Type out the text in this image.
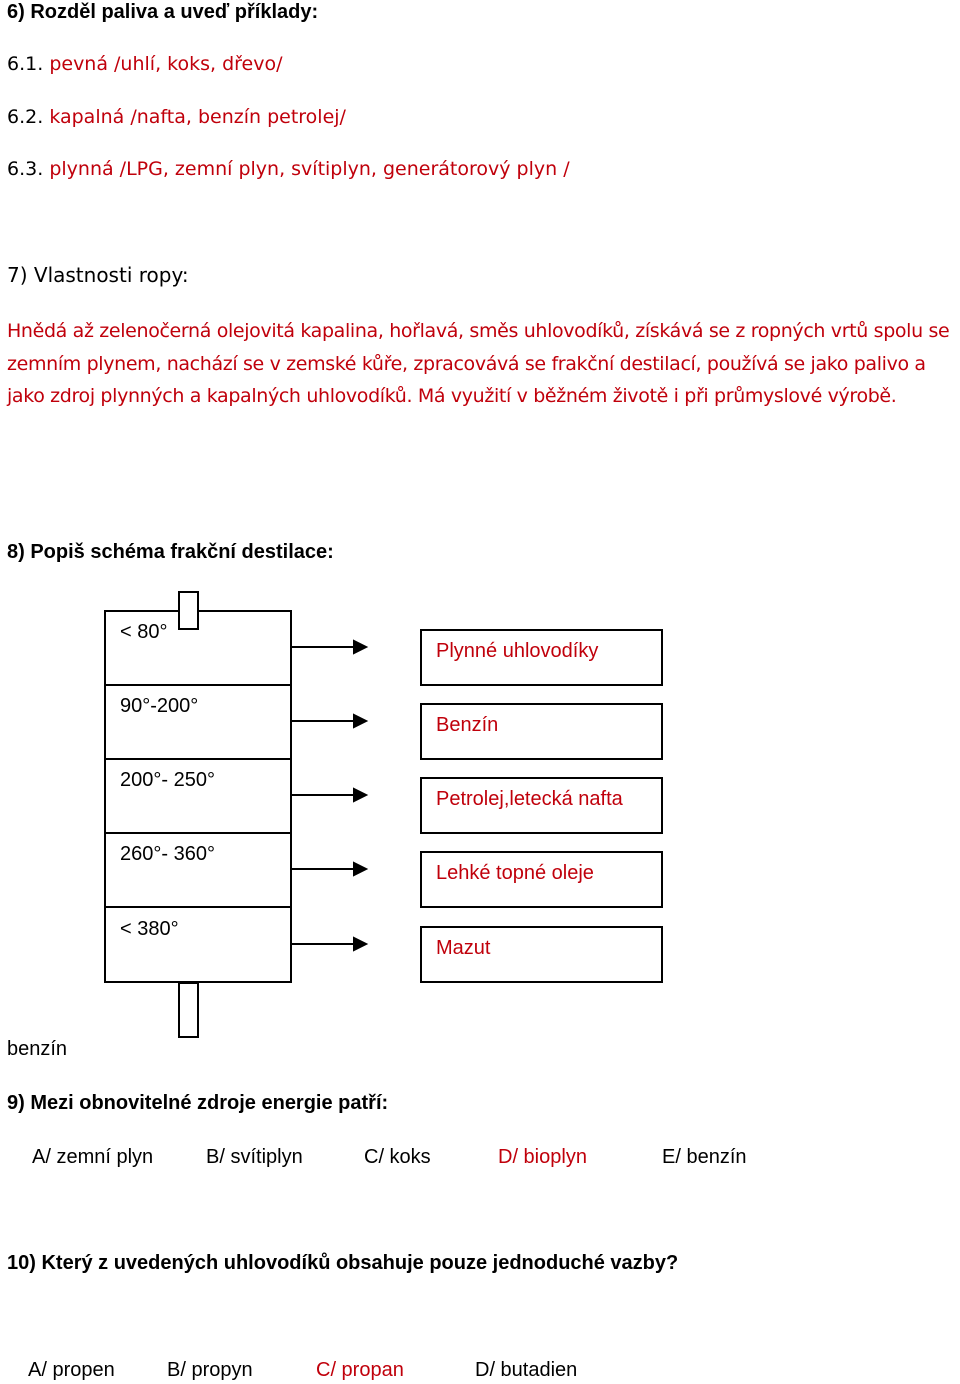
6) Rozděl paliva a uveď příklady:
6.1. pevná /uhlí, koks, dřevo/
6.2. kapalná /nafta, benzín petrolej/
6.3. plynná /LPG, zemní plyn, svítiplyn, generátorový plyn /
7) Vlastnosti ropy:
Hnědá až zelenočerná olejovitá kapalina, hořlavá, směs uhlovodíků, získává se z ropných vrtů spolu se zemním plynem, nachází se v zemské kůře, zpracovává se frakční destilací, používá se jako palivo a jako zdroj plynných a kapalných uhlovodíků. Má využití v běžném životě i při průmyslové výrobě.
8) Popiš schéma frakční destilace:
< 80°
90°-200°
200°- 250°
260°- 360°
< 380°
Plynné uhlovodíky
Benzín
Petrolej,letecká nafta
Lehké topné oleje
Mazut
benzín
9) Mezi obnovitelné zdroje energie patří:
A/ zemní plyn	B/ svítiplyn	C/ koks	D/ bioplyn	E/ benzín
10) Který z uvedených uhlovodíků obsahuje pouze jednoduché vazby?
A/ propen	B/ propyn	C/ propan	D/ butadien
